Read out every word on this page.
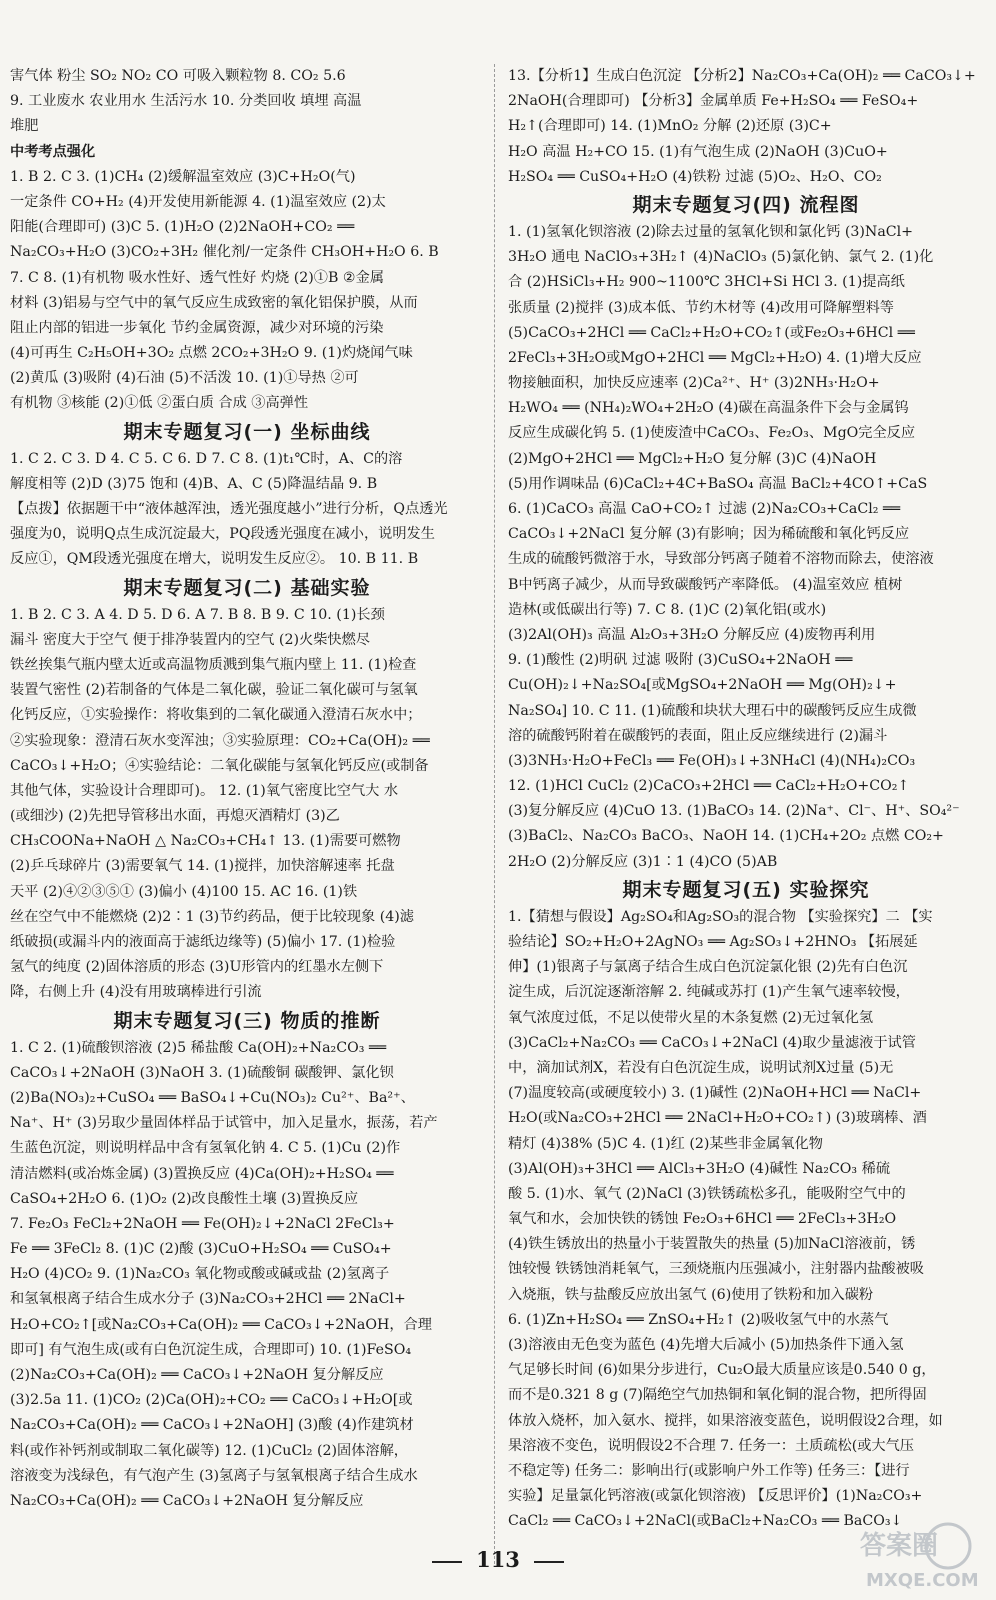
害气体 粉尘 SO₂ NO₂ CO 可吸入颗粒物 8. CO₂ 5.6
9. 工业废水 农业用水 生活污水 10. 分类回收 填埋 高温
堆肥
中考考点强化
1. B 2. C 3. (1)CH₄ (2)缓解温室效应 (3)C+H₂O(气)
一定条件 CO+H₂ (4)开发使用新能源 4. (1)温室效应 (2)太
阳能(合理即可) (3)C 5. (1)H₂O (2)2NaOH+CO₂ ══
Na₂CO₃+H₂O (3)CO₂+3H₂ 催化剂/一定条件 CH₃OH+H₂O 6. B
7. C 8. (1)有机物 吸水性好、透气性好 灼烧 (2)①B ②金属
材料 (3)铝易与空气中的氧气反应生成致密的氧化铝保护膜，从而
阻止内部的铝进一步氧化 节约金属资源，减少对环境的污染
(4)可再生 C₂H₅OH+3O₂ 点燃 2CO₂+3H₂O 9. (1)灼烧闻气味
(2)黄瓜 (3)吸附 (4)石油 (5)不活泼 10. (1)①导热 ②可
有机物 ③核能 (2)①低 ②蛋白质 合成 ③高弹性
期末专题复习(一) 坐标曲线
1. C 2. C 3. D 4. C 5. C 6. D 7. C 8. (1)t₁℃时，A、C的溶
解度相等 (2)D (3)75 饱和 (4)B、A、C (5)降温结晶 9. B
【点拨】依据题干中“液体越浑浊，透光强度越小”进行分析，Q点透光
强度为0，说明Q点生成沉淀最大，PQ段透光强度在减小，说明发生
反应①，QM段透光强度在增大，说明发生反应②。 10. B 11. B
期末专题复习(二) 基础实验
1. B 2. C 3. A 4. D 5. D 6. A 7. B 8. B 9. C 10. (1)长颈
漏斗 密度大于空气 便于排净装置内的空气 (2)火柴快燃尽
铁丝挨集气瓶内壁太近或高温物质溅到集气瓶内壁上 11. (1)检查
装置气密性 (2)若制备的气体是二氧化碳，验证二氧化碳可与氢氧
化钙反应，①实验操作：将收集到的二氧化碳通入澄清石灰水中；
②实验现象：澄清石灰水变浑浊；③实验原理：CO₂+Ca(OH)₂ ══
CaCO₃↓+H₂O；④实验结论：二氧化碳能与氢氧化钙反应(或制备
其他气体，实验设计合理即可)。 12. (1)氧气密度比空气大 水
(或细沙) (2)先把导管移出水面，再熄灭酒精灯 (3)乙
CH₃COONa+NaOH △ Na₂CO₃+CH₄↑ 13. (1)需要可燃物
(2)乒乓球碎片 (3)需要氧气 14. (1)搅拌，加快溶解速率 托盘
天平 (2)④②③⑤① (3)偏小 (4)100 15. AC 16. (1)铁
丝在空气中不能燃烧 (2)2∶1 (3)节约药品，便于比较现象 (4)滤
纸破损(或漏斗内的液面高于滤纸边缘等) (5)偏小 17. (1)检验
氢气的纯度 (2)固体溶质的形态 (3)U形管内的红墨水左侧下
降，右侧上升 (4)没有用玻璃棒进行引流
期末专题复习(三) 物质的推断
1. C 2. (1)硫酸钡溶液 (2)5 稀盐酸 Ca(OH)₂+Na₂CO₃ ══
CaCO₃↓+2NaOH (3)NaOH 3. (1)硫酸铜 碳酸钾、氯化钡
(2)Ba(NO₃)₂+CuSO₄ ══ BaSO₄↓+Cu(NO₃)₂ Cu²⁺、Ba²⁺、
Na⁺、H⁺ (3)另取少量固体样品于试管中，加入足量水，振荡，若产
生蓝色沉淀，则说明样品中含有氢氧化钠 4. C 5. (1)Cu (2)作
清洁燃料(或冶炼金属) (3)置换反应 (4)Ca(OH)₂+H₂SO₄ ══
CaSO₄+2H₂O 6. (1)O₂ (2)改良酸性土壤 (3)置换反应
7. Fe₂O₃ FeCl₂+2NaOH ══ Fe(OH)₂↓+2NaCl 2FeCl₃+
Fe ══ 3FeCl₂ 8. (1)C (2)酸 (3)CuO+H₂SO₄ ══ CuSO₄+
H₂O (4)CO₂ 9. (1)Na₂CO₃ 氧化物或酸或碱或盐 (2)氢离子
和氢氧根离子结合生成水分子 (3)Na₂CO₃+2HCl ══ 2NaCl+
H₂O+CO₂↑[或Na₂CO₃+Ca(OH)₂ ══ CaCO₃↓+2NaOH，合理
即可] 有气泡生成(或有白色沉淀生成，合理即可) 10. (1)FeSO₄
(2)Na₂CO₃+Ca(OH)₂ ══ CaCO₃↓+2NaOH 复分解反应
(3)2.5a 11. (1)CO₂ (2)Ca(OH)₂+CO₂ ══ CaCO₃↓+H₂O[或
Na₂CO₃+Ca(OH)₂ ══ CaCO₃↓+2NaOH] (3)酸 (4)作建筑材
料(或作补钙剂或制取二氧化碳等) 12. (1)CuCl₂ (2)固体溶解，
溶液变为浅绿色，有气泡产生 (3)氢离子与氢氧根离子结合生成水
Na₂CO₃+Ca(OH)₂ ══ CaCO₃↓+2NaOH 复分解反应
13.【分析1】生成白色沉淀 【分析2】Na₂CO₃+Ca(OH)₂ ══ CaCO₃↓+
2NaOH(合理即可) 【分析3】金属单质 Fe+H₂SO₄ ══ FeSO₄+
H₂↑(合理即可) 14. (1)MnO₂ 分解 (2)还原 (3)C+
H₂O 高温 H₂+CO 15. (1)有气泡生成 (2)NaOH (3)CuO+
H₂SO₄ ══ CuSO₄+H₂O (4)铁粉 过滤 (5)O₂、H₂O、CO₂
期末专题复习(四) 流程图
1. (1)氢氧化钡溶液 (2)除去过量的氢氧化钡和氯化钙 (3)NaCl+
3H₂O 通电 NaClO₃+3H₂↑ (4)NaClO₃ (5)氯化钠、氯气 2. (1)化
合 (2)HSiCl₃+H₂ 900~1100℃ 3HCl+Si HCl 3. (1)提高纸
张质量 (2)搅拌 (3)成本低、节约木材等 (4)改用可降解塑料等
(5)CaCO₃+2HCl ══ CaCl₂+H₂O+CO₂↑(或Fe₂O₃+6HCl ══
2FeCl₃+3H₂O或MgO+2HCl ══ MgCl₂+H₂O) 4. (1)增大反应
物接触面积，加快反应速率 (2)Ca²⁺、H⁺ (3)2NH₃·H₂O+
H₂WO₄ ══ (NH₄)₂WO₄+2H₂O (4)碳在高温条件下会与金属钨
反应生成碳化钨 5. (1)使废渣中CaCO₃、Fe₂O₃、MgO完全反应
(2)MgO+2HCl ══ MgCl₂+H₂O 复分解 (3)C (4)NaOH
(5)用作调味品 (6)CaCl₂+4C+BaSO₄ 高温 BaCl₂+4CO↑+CaS
6. (1)CaCO₃ 高温 CaO+CO₂↑ 过滤 (2)Na₂CO₃+CaCl₂ ══
CaCO₃↓+2NaCl 复分解 (3)有影响；因为稀硫酸和氧化钙反应
生成的硫酸钙微溶于水，导致部分钙离子随着不溶物而除去，使溶液
B中钙离子减少，从而导致碳酸钙产率降低。 (4)温室效应 植树
造林(或低碳出行等) 7. C 8. (1)C (2)氧化铝(或水)
(3)2Al(OH)₃ 高温 Al₂O₃+3H₂O 分解反应 (4)废物再利用
9. (1)酸性 (2)明矾 过滤 吸附 (3)CuSO₄+2NaOH ══
Cu(OH)₂↓+Na₂SO₄[或MgSO₄+2NaOH ══ Mg(OH)₂↓+
Na₂SO₄] 10. C 11. (1)硫酸和块状大理石中的碳酸钙反应生成微
溶的硫酸钙附着在碳酸钙的表面，阻止反应继续进行 (2)漏斗
(3)3NH₃·H₂O+FeCl₃ ══ Fe(OH)₃↓+3NH₄Cl (4)(NH₄)₂CO₃
12. (1)HCl CuCl₂ (2)CaCO₃+2HCl ══ CaCl₂+H₂O+CO₂↑
(3)复分解反应 (4)CuO 13. (1)BaCO₃ 14. (2)Na⁺、Cl⁻、H⁺、SO₄²⁻
(3)BaCl₂、Na₂CO₃ BaCO₃、NaOH 14. (1)CH₄+2O₂ 点燃 CO₂+
2H₂O (2)分解反应 (3)1∶1 (4)CO (5)AB
期末专题复习(五) 实验探究
1.【猜想与假设】Ag₂SO₄和Ag₂SO₃的混合物 【实验探究】二 【实
验结论】SO₂+H₂O+2AgNO₃ ══ Ag₂SO₃↓+2HNO₃ 【拓展延
伸】(1)银离子与氯离子结合生成白色沉淀氯化银 (2)先有白色沉
淀生成，后沉淀逐渐溶解 2. 纯碱或苏打 (1)产生氧气速率较慢，
氧气浓度过低，不足以使带火星的木条复燃 (2)无过氧化氢
(3)CaCl₂+Na₂CO₃ ══ CaCO₃↓+2NaCl (4)取少量滤液于试管
中，滴加试剂X，若没有白色沉淀生成，说明试剂X过量 (5)无
(7)温度较高(或硬度较小) 3. (1)碱性 (2)NaOH+HCl ══ NaCl+
H₂O(或Na₂CO₃+2HCl ══ 2NaCl+H₂O+CO₂↑) (3)玻璃棒、酒
精灯 (4)38% (5)C 4. (1)红 (2)某些非金属氧化物
(3)Al(OH)₃+3HCl ══ AlCl₃+3H₂O (4)碱性 Na₂CO₃ 稀硫
酸 5. (1)水、氧气 (2)NaCl (3)铁锈疏松多孔，能吸附空气中的
氧气和水，会加快铁的锈蚀 Fe₂O₃+6HCl ══ 2FeCl₃+3H₂O
(4)铁生锈放出的热量小于装置散失的热量 (5)加NaCl溶液前，锈
蚀较慢 铁锈蚀消耗氧气，三颈烧瓶内压强减小，注射器内盐酸被吸
入烧瓶，铁与盐酸反应放出氢气 (6)使用了铁粉和加入碳粉
6. (1)Zn+H₂SO₄ ══ ZnSO₄+H₂↑ (2)吸收氢气中的水蒸气
(3)溶液由无色变为蓝色 (4)先增大后减小 (5)加热条件下通入氢
气足够长时间 (6)如果分步进行，Cu₂O最大质量应该是0.540 0 g，
而不是0.321 8 g (7)隔绝空气加热铜和氧化铜的混合物，把所得固
体放入烧杯，加入氨水、搅拌，如果溶液变蓝色，说明假设2合理，如
果溶液不变色，说明假设2不合理 7. 任务一：土质疏松(或大气压
不稳定等) 任务二：影响出行(或影响户外工作等) 任务三：【进行
实验】足量氯化钙溶液(或氯化钡溶液) 【反思评价】(1)Na₂CO₃+
CaCl₂ ══ CaCO₃↓+2NaCl(或BaCl₂+Na₂CO₃ ══ BaCO₃↓
113	答案圈
MXQE.COM
